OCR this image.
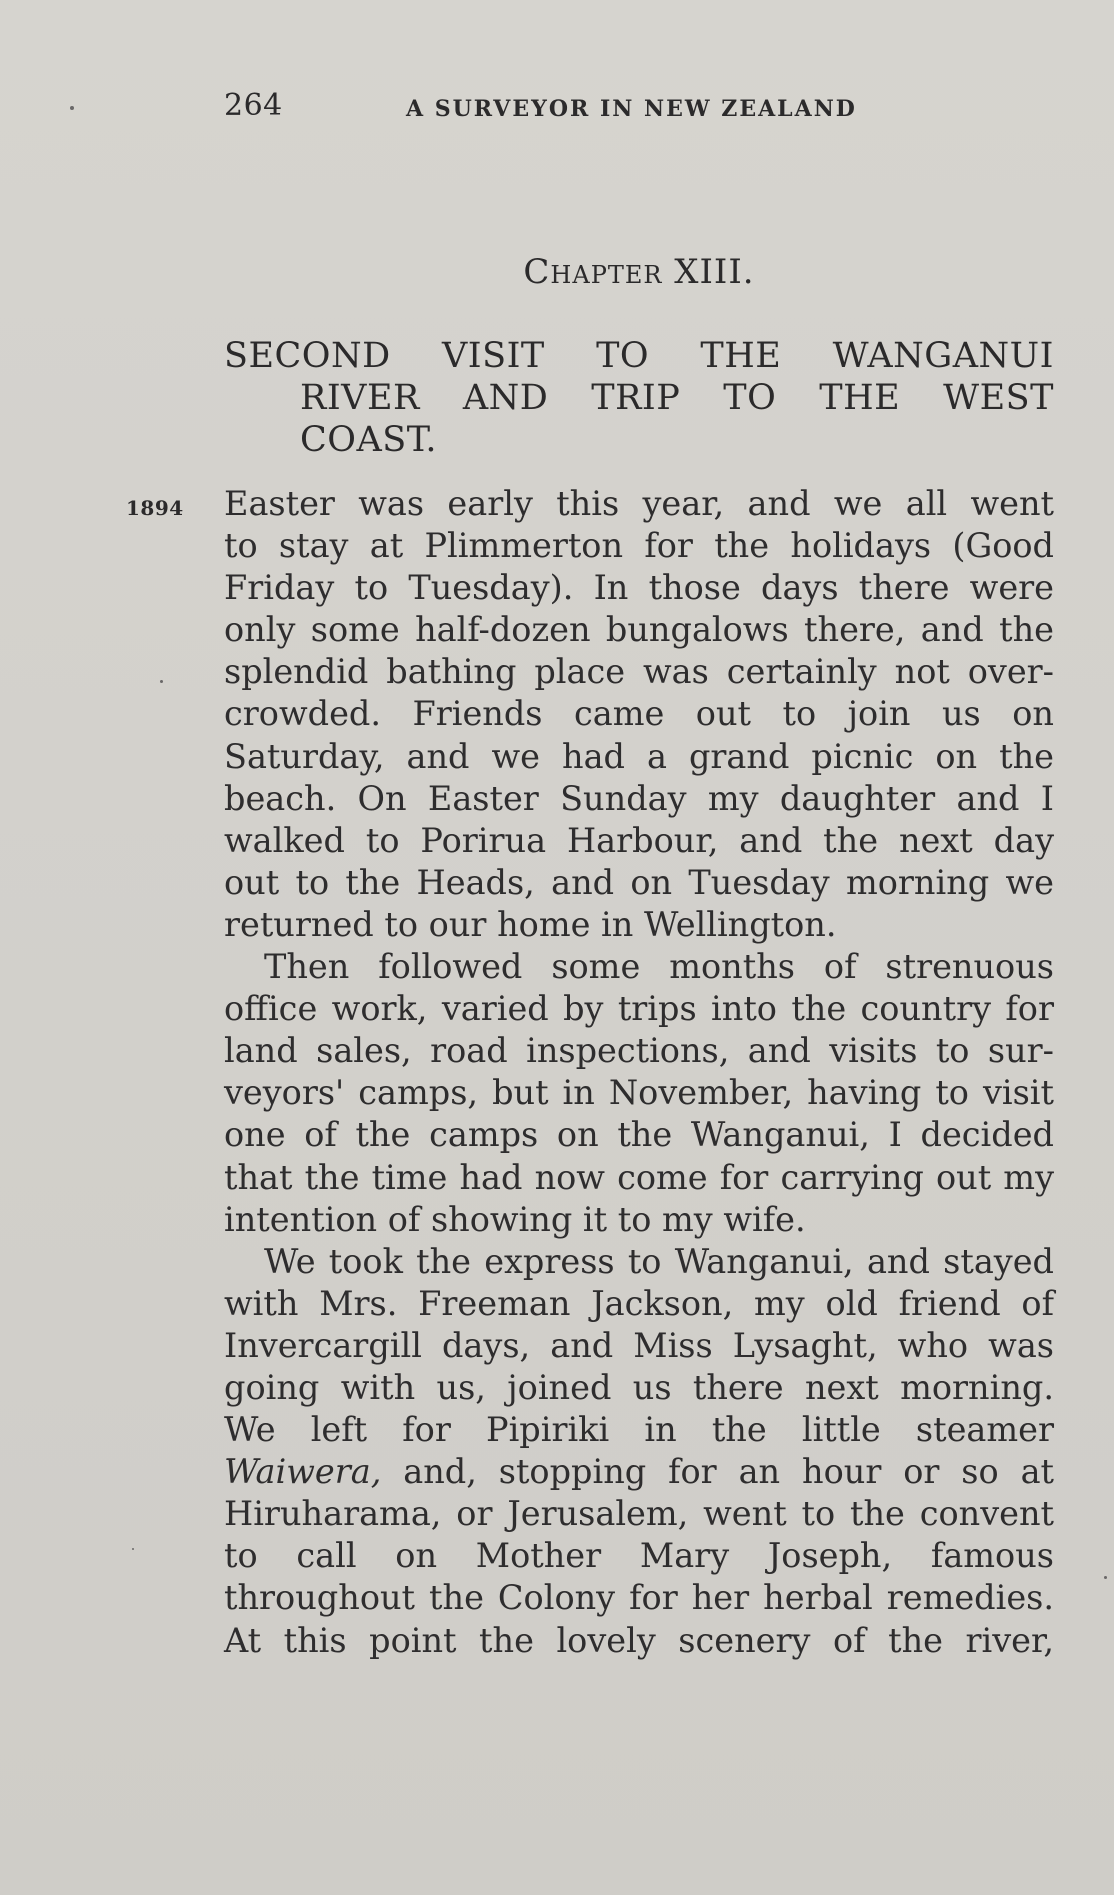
264	A SURVEYOR IN NEW ZEALAND
Chapter XIII.
SECOND VISIT TO THE WANGANUI
RIVER AND TRIP TO THE WEST
COAST.
1894 Easter was early this year, and we all went
to stay at Plimmerton for the holidays (Good
Friday to Tuesday). In those days there were
only some half-dozen bungalows there, and the
splendid bathing place was certainly not over-
crowded. Friends came out to join us on
Saturday, and we had a grand picnic on the
beach. On Easter Sunday my daughter and I
walked to Porirua Harbour, and the next day
out to the Heads, and on Tuesday morning we
returned to our home in Wellington.
Then followed some months of strenuous
office work, varied by trips into the country for
land sales, road inspections, and visits to sur-
veyors' camps, but in November, having to visit
one of the camps on the Wanganui, I decided
that the time had now come for carrying out my
intention of showing it to my wife.
We took the express to Wanganui, and stayed
with Mrs. Freeman Jackson, my old friend of
Invercargill days, and Miss Lysaght, who was
going with us, joined us there next morning.
We left for Pipiriki in the little steamer
Waiwera, and, stopping for an hour or so at
Hiruharama, or Jerusalem, went to the convent
to call on Mother Mary Joseph, famous
throughout the Colony for her herbal remedies.
At this point the lovely scenery of the river,
